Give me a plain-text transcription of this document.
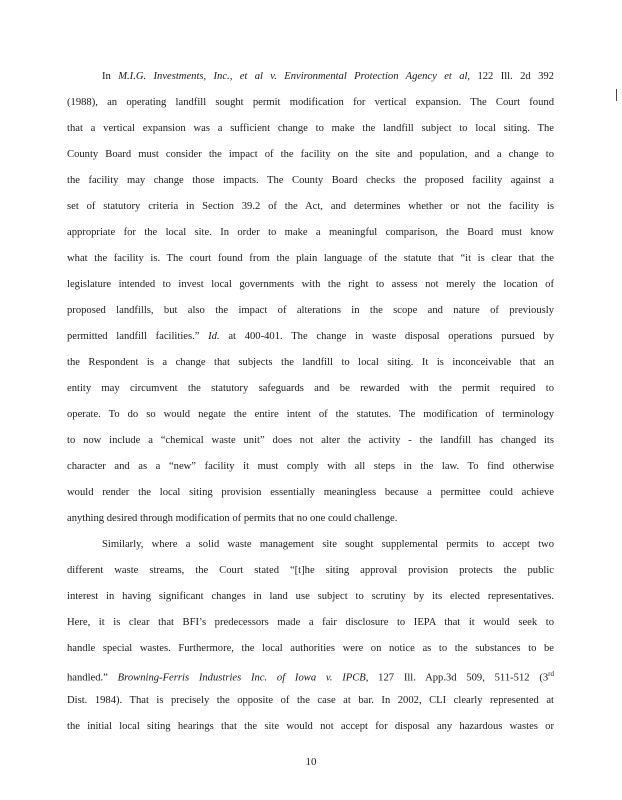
In M.I.G. Investments, Inc., et al v. Environmental Protection Agency et al, 122 Ill. 2d 392
(1988), an operating landfill sought permit modification for vertical expansion. The Court found
that a vertical expansion was a sufficient change to make the landfill subject to local siting. The
County Board must consider the impact of the facility on the site and population, and a change to
the facility may change those impacts. The County Board checks the proposed facility against a
set of statutory criteria in Section 39.2 of the Act, and determines whether or not the facility is
appropriate for the local site. In order to make a meaningful comparison, the Board must know
what the facility is. The court found from the plain language of the statute that “it is clear that the
legislature intended to invest local governments with the right to assess not merely the location of
proposed landfills, but also the impact of alterations in the scope and nature of previously
permitted landfill facilities.” Id. at 400-401. The change in waste disposal operations pursued by
the Respondent is a change that subjects the landfill to local siting. It is inconceivable that an
entity may circumvent the statutory safeguards and be rewarded with the permit required to
operate. To do so would negate the entire intent of the statutes. The modification of terminology
to now include a “chemical waste unit” does not alter the activity - the landfill has changed its
character and as a “new” facility it must comply with all steps in the law. To find otherwise
would render the local siting provision essentially meaningless because a permittee could achieve
anything desired through modification of permits that no one could challenge.
Similarly, where a solid waste management site sought supplemental permits to accept two
different waste streams, the Court stated “[t]he siting approval provision protects the public
interest in having significant changes in land use subject to scrutiny by its elected representatives.
Here, it is clear that BFI’s predecessors made a fair disclosure to IEPA that it would seek to
handle special wastes. Furthermore, the local authorities were on notice as to the substances to be
handled.” Browning-Ferris Industries Inc. of Iowa v. IPCB, 127 Ill. App.3d 509, 511-512 (3rd
Dist. 1984). That is precisely the opposite of the case at bar. In 2002, CLI clearly represented at
the initial local siting hearings that the site would not accept for disposal any hazardous wastes or
10
